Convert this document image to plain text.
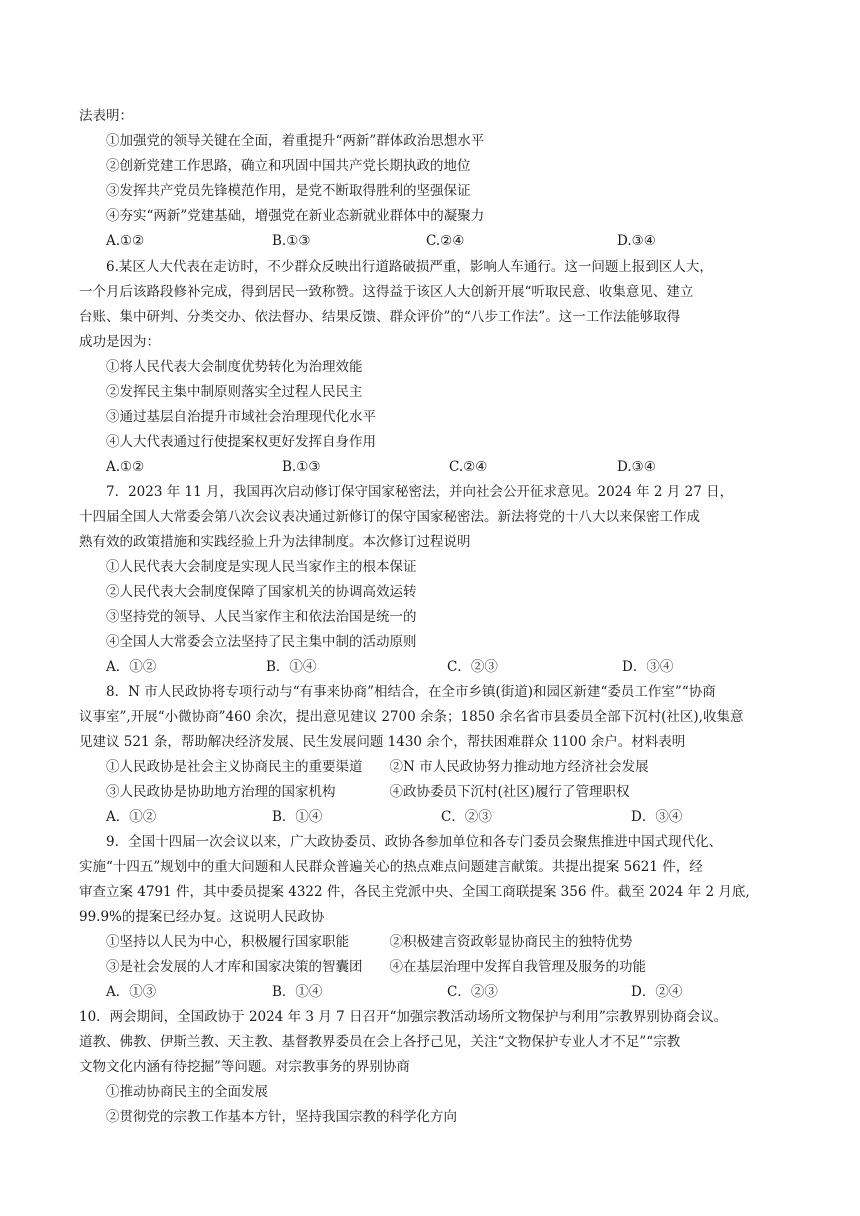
法表明：
①加强党的领导关键在全面，着重提升“两新”群体政治思想水平
②创新党建工作思路，确立和巩固中国共产党长期执政的地位
③发挥共产党员先锋模范作用，是党不断取得胜利的坚强保证
④夯实“两新”党建基础，增强党在新业态新就业群体中的凝聚力
A.①②	B.①③	C.②④	D.③④
6.某区人大代表在走访时，不少群众反映出行道路破损严重，影响人车通行。这一问题上报到区人大，
一个月后该路段修补完成，得到居民一致称赞。这得益于该区人大创新开展“听取民意、收集意见、建立
台账、集中研判、分类交办、依法督办、结果反馈、群众评价”的“八步工作法”。这一工作法能够取得
成功是因为：
①将人民代表大会制度优势转化为治理效能
②发挥民主集中制原则落实全过程人民民主
③通过基层自治提升市域社会治理现代化水平
④人大代表通过行使提案权更好发挥自身作用
A.①②	B.①③	C.②④	D.③④
7．2023 年 11 月，我国再次启动修订保守国家秘密法，并向社会公开征求意见。2024 年 2 月 27 日，
十四届全国人大常委会第八次会议表决通过新修订的保守国家秘密法。新法将党的十八大以来保密工作成
熟有效的政策措施和实践经验上升为法律制度。本次修订过程说明
①人民代表大会制度是实现人民当家作主的根本保证
②人民代表大会制度保障了国家机关的协调高效运转
③坚持党的领导、人民当家作主和依法治国是统一的
④全国人大常委会立法坚持了民主集中制的活动原则
A．①②	B．①④	C．②③	D．③④
8．N 市人民政协将专项行动与“有事来协商”相结合，在全市乡镇(街道)和园区新建“委员工作室”“协商
议事室”,开展“小微协商”460 余次，提出意见建议 2700 余条；1850 余名省市县委员全部下沉村(社区),收集意
见建议 521 条，帮助解决经济发展、民生发展问题 1430 余个，帮扶困难群众 1100 余户。材料表明
①人民政协是社会主义协商民主的重要渠道　　②N 市人民政协努力推动地方经济社会发展
③人民政协是协助地方治理的国家机构　　　　④政协委员下沉村(社区)履行了管理职权
A．①②	B．①④	C．②③	D．③④
9．全国十四届一次会议以来，广大政协委员、政协各参加单位和各专门委员会聚焦推进中国式现代化、
实施“十四五”规划中的重大问题和人民群众普遍关心的热点难点问题建言献策。共提出提案 5621 件，经
审查立案 4791 件，其中委员提案 4322 件，各民主党派中央、全国工商联提案 356 件。截至 2024 年 2 月底,
99.9%的提案已经办复。这说明人民政协
①坚持以人民为中心，积极履行国家职能　　　②积极建言资政彰显协商民主的独特优势
③是社会发展的人才库和国家决策的智囊团　　④在基层治理中发挥自我管理及服务的功能
A．①③	B．①④	C．②③	D．②④
10．两会期间，全国政协于 2024 年 3 月 7 日召开“加强宗教活动场所文物保护与利用”宗教界别协商会议。
道教、佛教、伊斯兰教、天主教、基督教界委员在会上各抒己见，关注“文物保护专业人才不足”“宗教
文物文化内涵有待挖掘”等问题。对宗教事务的界别协商
①推动协商民主的全面发展
②贯彻党的宗教工作基本方针，坚持我国宗教的科学化方向
